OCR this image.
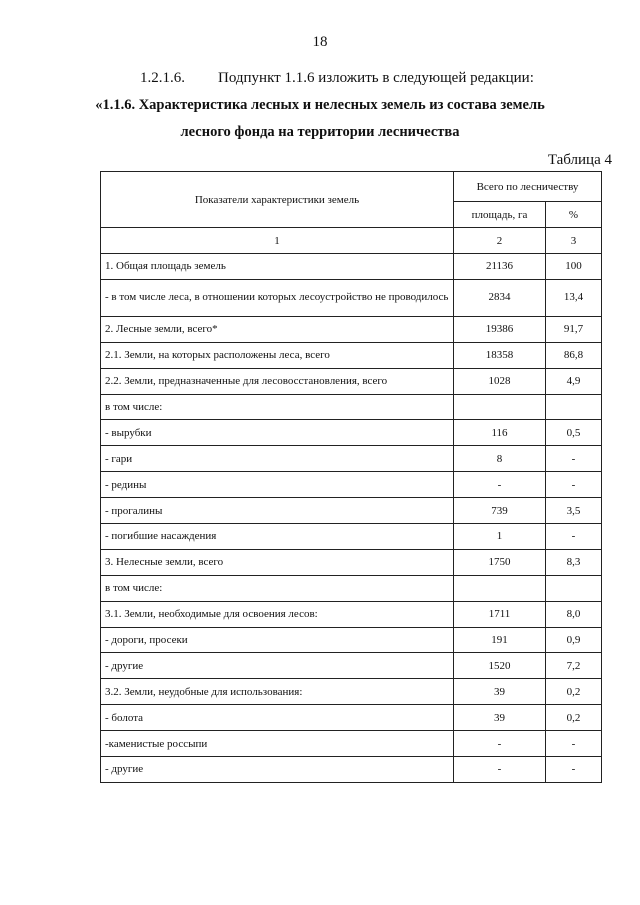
18
1.2.1.6. Подпункт 1.1.6 изложить в следующей редакции:
«1.1.6. Характеристика лесных и нелесных земель из состава земель
лесного фонда на территории лесничества
Таблица 4
Показатели характеристики земель	Всего по лесничеству	
	площадь, га	%
1	2	3
1. Общая площадь земель	21136	100
- в том числе леса, в отношении которых лесоустройство не проводилось	2834	13,4
2. Лесные земли, всего*	19386	91,7
2.1. Земли, на которых расположены леса, всего	18358	86,8
2.2. Земли, предназначенные для лесовосстановления, всего	1028	4,9
в том числе:		
- вырубки	116	0,5
- гари	8	-
- редины	-	-
- прогалины	739	3,5
- погибшие насаждения	1	-
3. Нелесные земли, всего	1750	8,3
в том числе:		
3.1. Земли, необходимые для освоения лесов:	1711	8,0
- дороги, просеки	191	0,9
- другие	1520	7,2
3.2. Земли, неудобные для использования:	39	0,2
- болота	39	0,2
-каменистые россыпи	-	-
- другие	-	-
